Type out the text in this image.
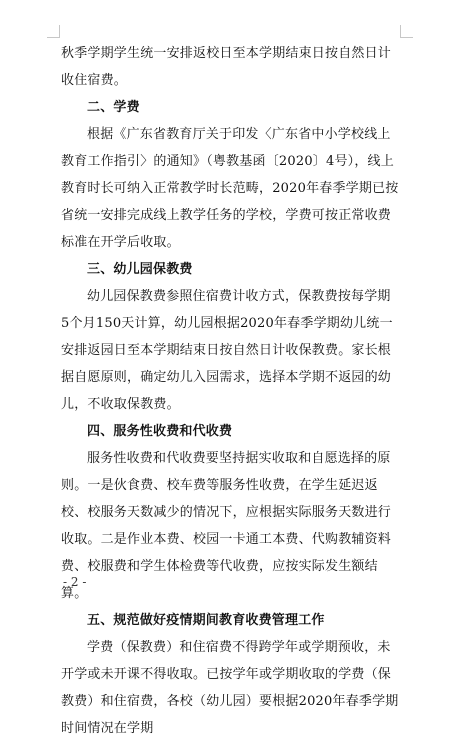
秋季学期学生统一安排返校日至本学期结束日按自然日计收住宿费。

二、学费

根据《广东省教育厅关于印发〈广东省中小学校线上教育工作指引〉的通知》（粤教基函〔2020〕4号），线上教育时长可纳入正常教学时长范畴，2020年春季学期已按省统一安排完成线上教学任务的学校，学费可按正常收费标准在开学后收取。

三、幼儿园保教费

幼儿园保教费参照住宿费计收方式，保教费按每学期5个月150天计算，幼儿园根据2020年春季学期幼儿统一安排返园日至本学期结束日按自然日计收保教费。家长根据自愿原则，确定幼儿入园需求，选择本学期不返园的幼儿，不收取保教费。

四、服务性收费和代收费

服务性收费和代收费要坚持据实收取和自愿选择的原则。一是伙食费、校车费等服务性收费，在学生延迟返校、校服务天数减少的情况下，应根据实际服务天数进行收取。二是作业本费、校园一卡通工本费、代购教辅资料费、校服费和学生体检费等代收费，应按实际发生额结算。

五、规范做好疫情期间教育收费管理工作

学费（保教费）和住宿费不得跨学年或学期预收，未开学或未开课不得收取。已按学年或学期收取的学费（保教费）和住宿费，各校（幼儿园）要根据2020年春季学期时间情况在学期

- 2 -
